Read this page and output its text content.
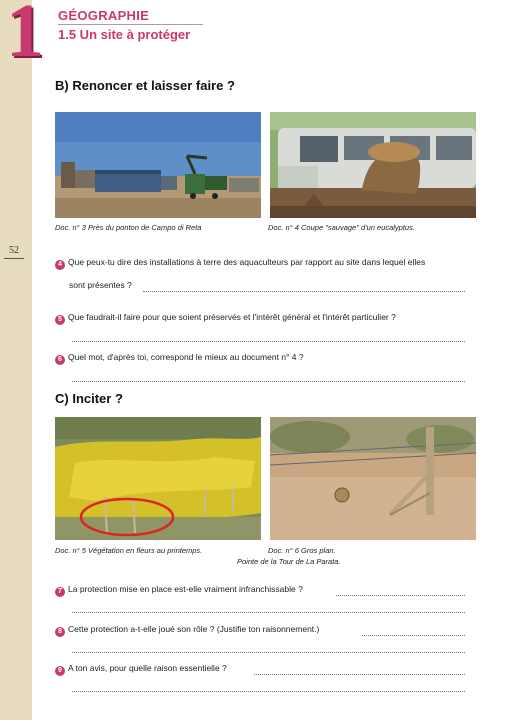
1	GÉOGRAPHIE
1.5 Un site à protéger
52
B) Renoncer et laisser faire ?
Doc. n° 3 Près du ponton de Campo di Reta	Doc. n° 4 Coupe "sauvage" d'un eucalyptus.
4 Que peux-tu dire des installations à terre des aquaculteurs par rapport au site dans lequel elles
sont présentes ?
5 Que faudrait-il faire pour que soient préservés et l'intérêt général et l'intérêt particulier ?
6 Quel mot, d'après toi, correspond le mieux au document n° 4 ?
C) Inciter ?
Doc. n° 5 Végétation en fleurs au printemps.	Doc. n° 6 Gros plan.
Pointe de la Tour de La Parata.
7 La protection mise en place est-elle vraiment infranchissable ?
8 Cette protection a-t-elle joué son rôle ? (Justifie ton raisonnement.)
9 A ton avis, pour quelle raison essentielle ?
